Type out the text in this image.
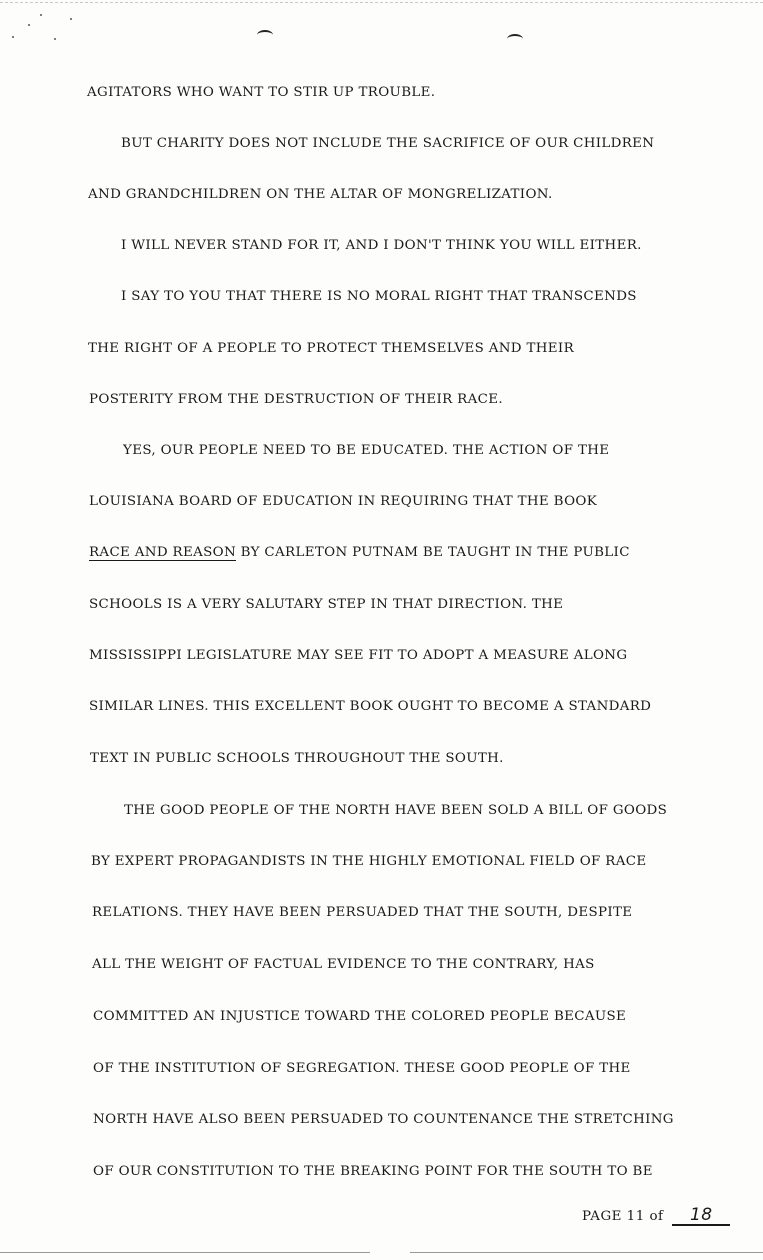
AGITATORS WHO WANT TO STIR UP TROUBLE.
BUT CHARITY DOES NOT INCLUDE THE SACRIFICE OF OUR CHILDREN
AND GRANDCHILDREN ON THE ALTAR OF MONGRELIZATION.
I WILL NEVER STAND FOR IT, AND I DON'T THINK YOU WILL EITHER.
I SAY TO YOU THAT THERE IS NO MORAL RIGHT THAT TRANSCENDS
THE RIGHT OF A PEOPLE TO PROTECT THEMSELVES AND THEIR
POSTERITY FROM THE DESTRUCTION OF THEIR RACE.
YES, OUR PEOPLE NEED TO BE EDUCATED. THE ACTION OF THE
LOUISIANA BOARD OF EDUCATION IN REQUIRING THAT THE BOOK
RACE AND REASON BY CARLETON PUTNAM BE TAUGHT IN THE PUBLIC
SCHOOLS IS A VERY SALUTARY STEP IN THAT DIRECTION. THE
MISSISSIPPI LEGISLATURE MAY SEE FIT TO ADOPT A MEASURE ALONG
SIMILAR LINES. THIS EXCELLENT BOOK OUGHT TO BECOME A STANDARD
TEXT IN PUBLIC SCHOOLS THROUGHOUT THE SOUTH.
THE GOOD PEOPLE OF THE NORTH HAVE BEEN SOLD A BILL OF GOODS
BY EXPERT PROPAGANDISTS IN THE HIGHLY EMOTIONAL FIELD OF RACE
RELATIONS. THEY HAVE BEEN PERSUADED THAT THE SOUTH, DESPITE
ALL THE WEIGHT OF FACTUAL EVIDENCE TO THE CONTRARY, HAS
COMMITTED AN INJUSTICE TOWARD THE COLORED PEOPLE BECAUSE
OF THE INSTITUTION OF SEGREGATION. THESE GOOD PEOPLE OF THE
NORTH HAVE ALSO BEEN PERSUADED TO COUNTENANCE THE STRETCHING
OF OUR CONSTITUTION TO THE BREAKING POINT FOR THE SOUTH TO BE
PAGE 11 of 18
